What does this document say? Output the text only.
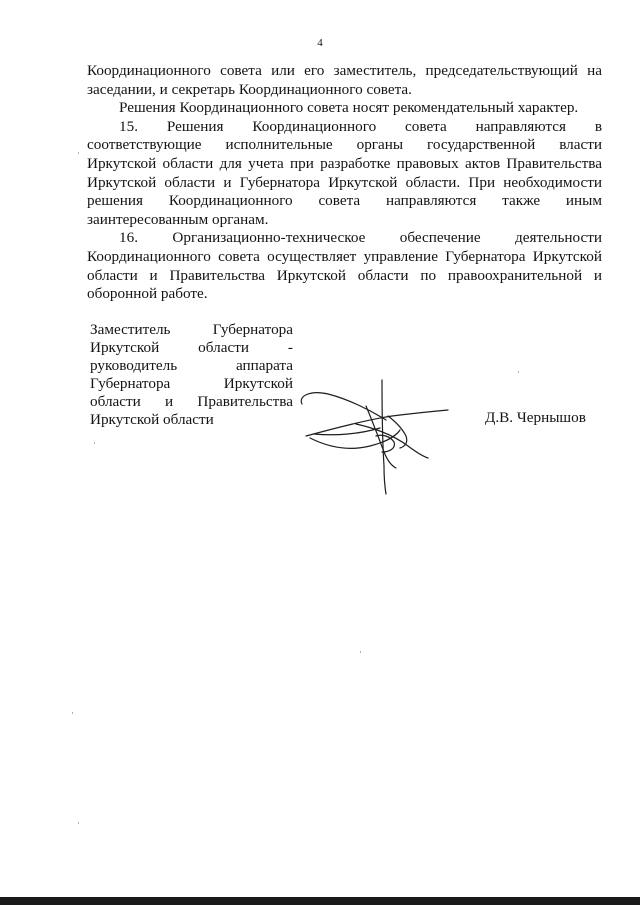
4

Координационного совета или его заместитель, председательствующий на

заседании, и секретарь Координационного совета.

Решения Координационного совета носят рекомендательный характер.

15. Решения Координационного совета направляются в

соответствующие исполнительные органы государственной власти

Иркутской области для учета при разработке правовых актов Правительства

Иркутской области и Губернатора Иркутской области. При необходимости

решения Координационного совета направляются также иным

заинтересованным органам.

16. Организационно-техническое обеспечение деятельности

Координационного совета осуществляет управление Губернатора Иркутской

области и Правительства Иркутской области по правоохранительной и

оборонной работе.

Заместитель Губернатора
Иркутской области -
руководитель аппарата
Губернатора Иркутской
области и Правительства
Иркутской области	Д.В. Чернышов
